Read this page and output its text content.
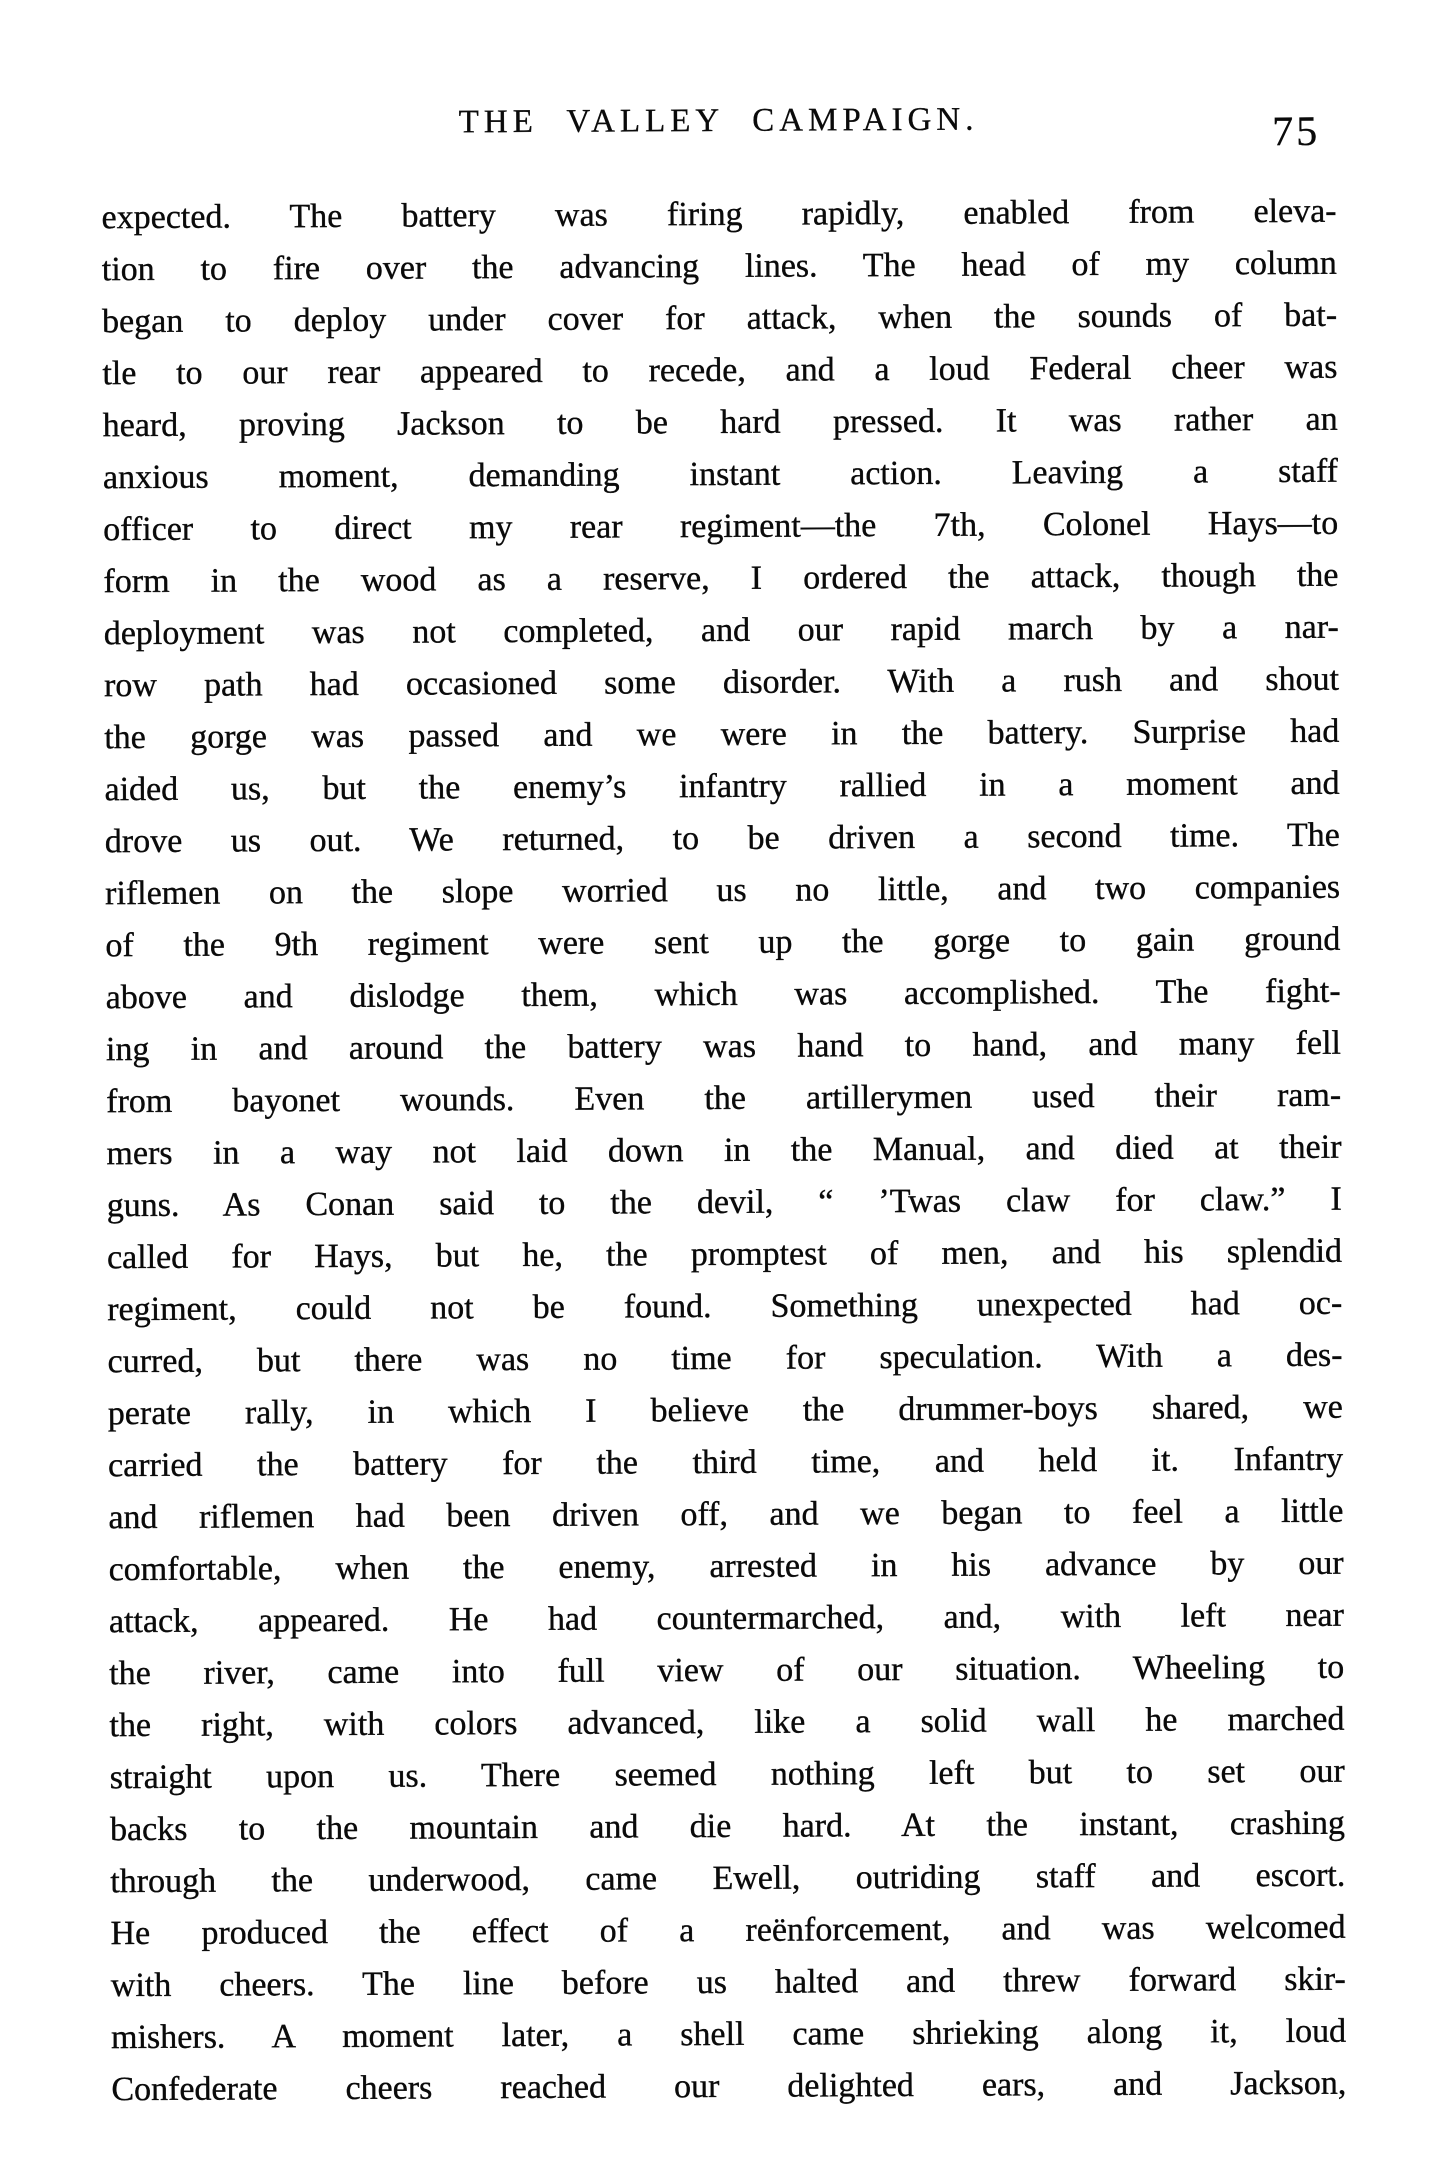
THE VALLEY CAMPAIGN.	75
expected. The battery was firing rapidly, enabled from eleva-
tion to fire over the advancing lines. The head of my column
began to deploy under cover for attack, when the sounds of bat-
tle to our rear appeared to recede, and a loud Federal cheer was
heard, proving Jackson to be hard pressed. It was rather an
anxious moment, demanding instant action. Leaving a staff
officer to direct my rear regiment—the 7th, Colonel Hays—to
form in the wood as a reserve, I ordered the attack, though the
deployment was not completed, and our rapid march by a nar-
row path had occasioned some disorder. With a rush and shout
the gorge was passed and we were in the battery. Surprise had
aided us, but the enemy’s infantry rallied in a moment and
drove us out. We returned, to be driven a second time. The
riflemen on the slope worried us no little, and two companies
of the 9th regiment were sent up the gorge to gain ground
above and dislodge them, which was accomplished. The fight-
ing in and around the battery was hand to hand, and many fell
from bayonet wounds. Even the artillerymen used their ram-
mers in a way not laid down in the Manual, and died at their
guns. As Conan said to the devil, “ ’Twas claw for claw.” I
called for Hays, but he, the promptest of men, and his splendid
regiment, could not be found. Something unexpected had oc-
curred, but there was no time for speculation. With a des-
perate rally, in which I believe the drummer-boys shared, we
carried the battery for the third time, and held it. Infantry
and riflemen had been driven off, and we began to feel a little
comfortable, when the enemy, arrested in his advance by our
attack, appeared. He had countermarched, and, with left near
the river, came into full view of our situation. Wheeling to
the right, with colors advanced, like a solid wall he marched
straight upon us. There seemed nothing left but to set our
backs to the mountain and die hard. At the instant, crashing
through the underwood, came Ewell, outriding staff and escort.
He produced the effect of a reënforcement, and was welcomed
with cheers. The line before us halted and threw forward skir-
mishers. A moment later, a shell came shrieking along it, loud
Confederate cheers reached our delighted ears, and Jackson,
